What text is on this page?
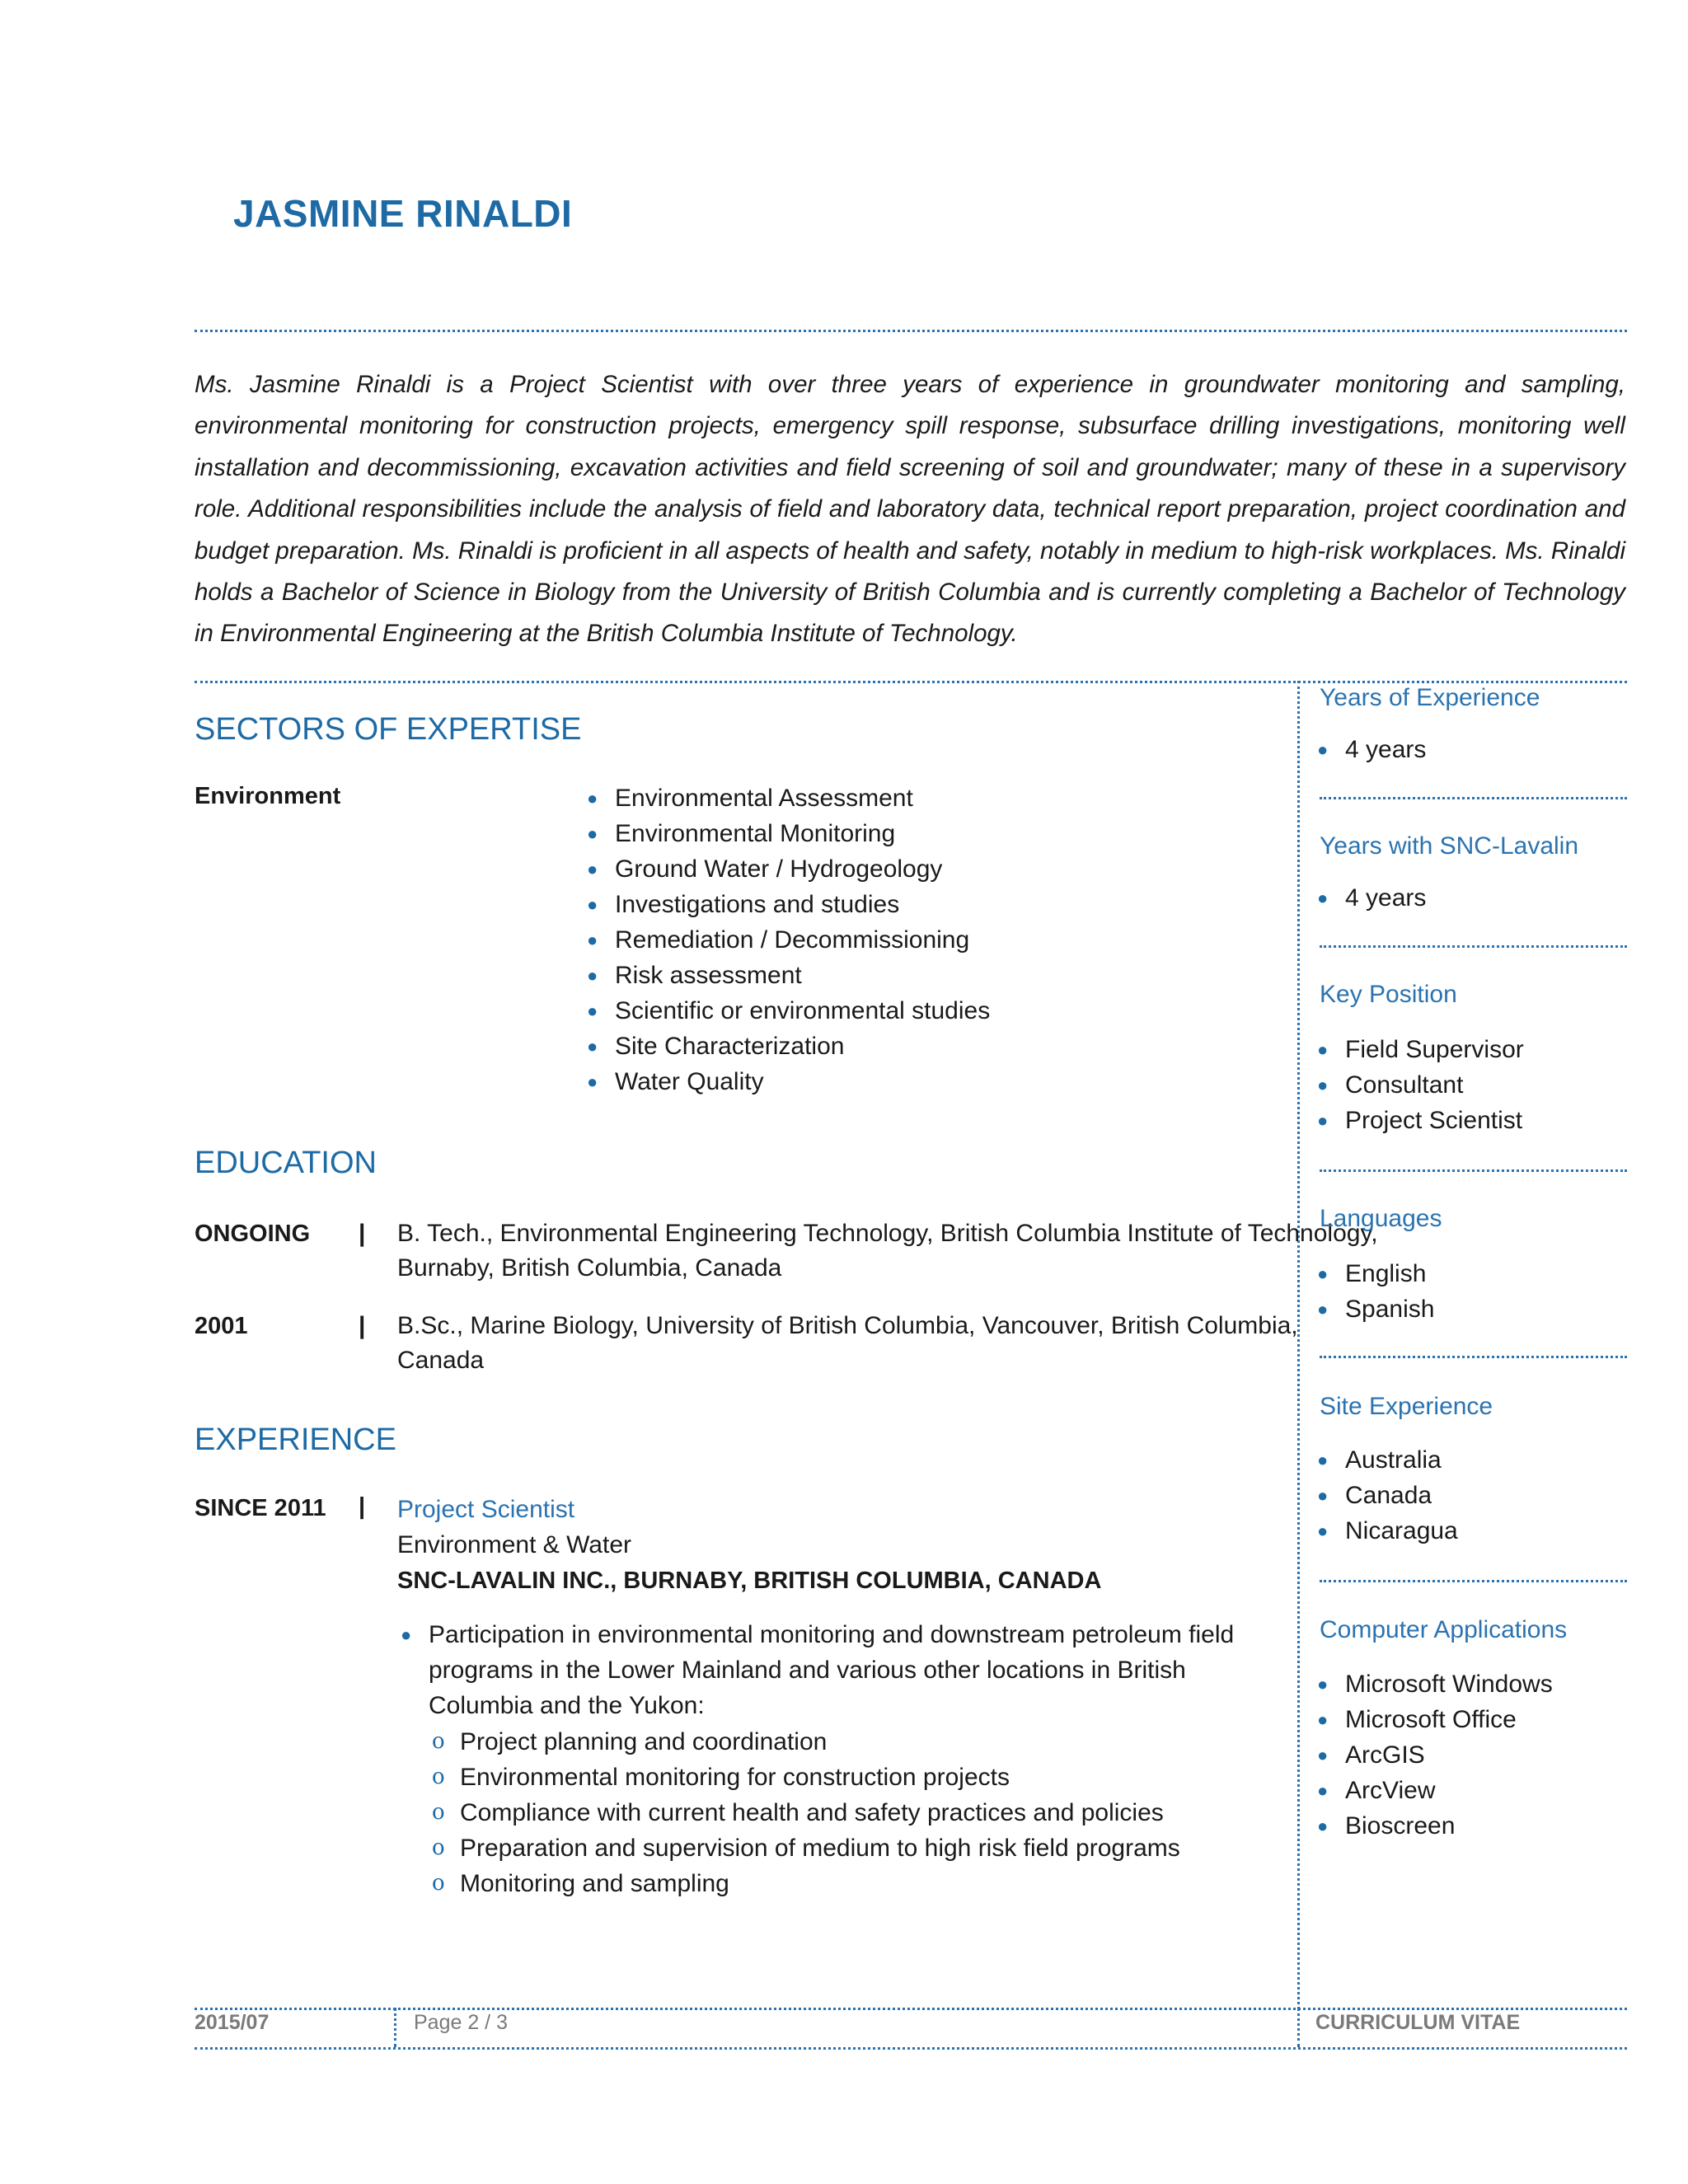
JASMINE RINALDI
Ms. Jasmine Rinaldi is a Project Scientist with over three years of experience in groundwater monitoring and sampling, environmental monitoring for construction projects, emergency spill response, subsurface drilling investigations, monitoring well installation and decommissioning, excavation activities and field screening of soil and groundwater; many of these in a supervisory role. Additional responsibilities include the analysis of field and laboratory data, technical report preparation, project coordination and budget preparation. Ms. Rinaldi is proficient in all aspects of health and safety, notably in medium to high-risk workplaces. Ms. Rinaldi holds a Bachelor of Science in Biology from the University of British Columbia and is currently completing a Bachelor of Technology in Environmental Engineering at the British Columbia Institute of Technology.
SECTORS OF EXPERTISE
Environment	● Environmental Assessment
● Environmental Monitoring
● Ground Water / Hydrogeology
● Investigations and studies
● Remediation / Decommissioning
● Risk assessment
● Scientific or environmental studies
● Site Characterization
● Water Quality
EDUCATION
ONGOING | B. Tech., Environmental Engineering Technology, British Columbia Institute of Technology, Burnaby, British Columbia, Canada
2001	| B.Sc., Marine Biology, University of British Columbia, Vancouver, British Columbia, Canada
EXPERIENCE
SINCE 2011 | Project Scientist
Environment & Water
SNC-LAVALIN INC., BURNABY, BRITISH COLUMBIA, CANADA
● Participation in environmental monitoring and downstream petroleum field programs in the Lower Mainland and various other locations in British Columbia and the Yukon:
o Project planning and coordination
o Environmental monitoring for construction projects
o Compliance with current health and safety practices and policies
o Preparation and supervision of medium to high risk field programs
o Monitoring and sampling
Years of Experience
● 4 years
Years with SNC-Lavalin
● 4 years
Key Position
● Field Supervisor
● Consultant
● Project Scientist
Languages
● English
● Spanish
Site Experience
● Australia
● Canada
● Nicaragua
Computer Applications
● Microsoft Windows
● Microsoft Office
● ArcGIS
● ArcView
● Bioscreen
2015/07	Page 2 / 3	CURRICULUM VITAE
